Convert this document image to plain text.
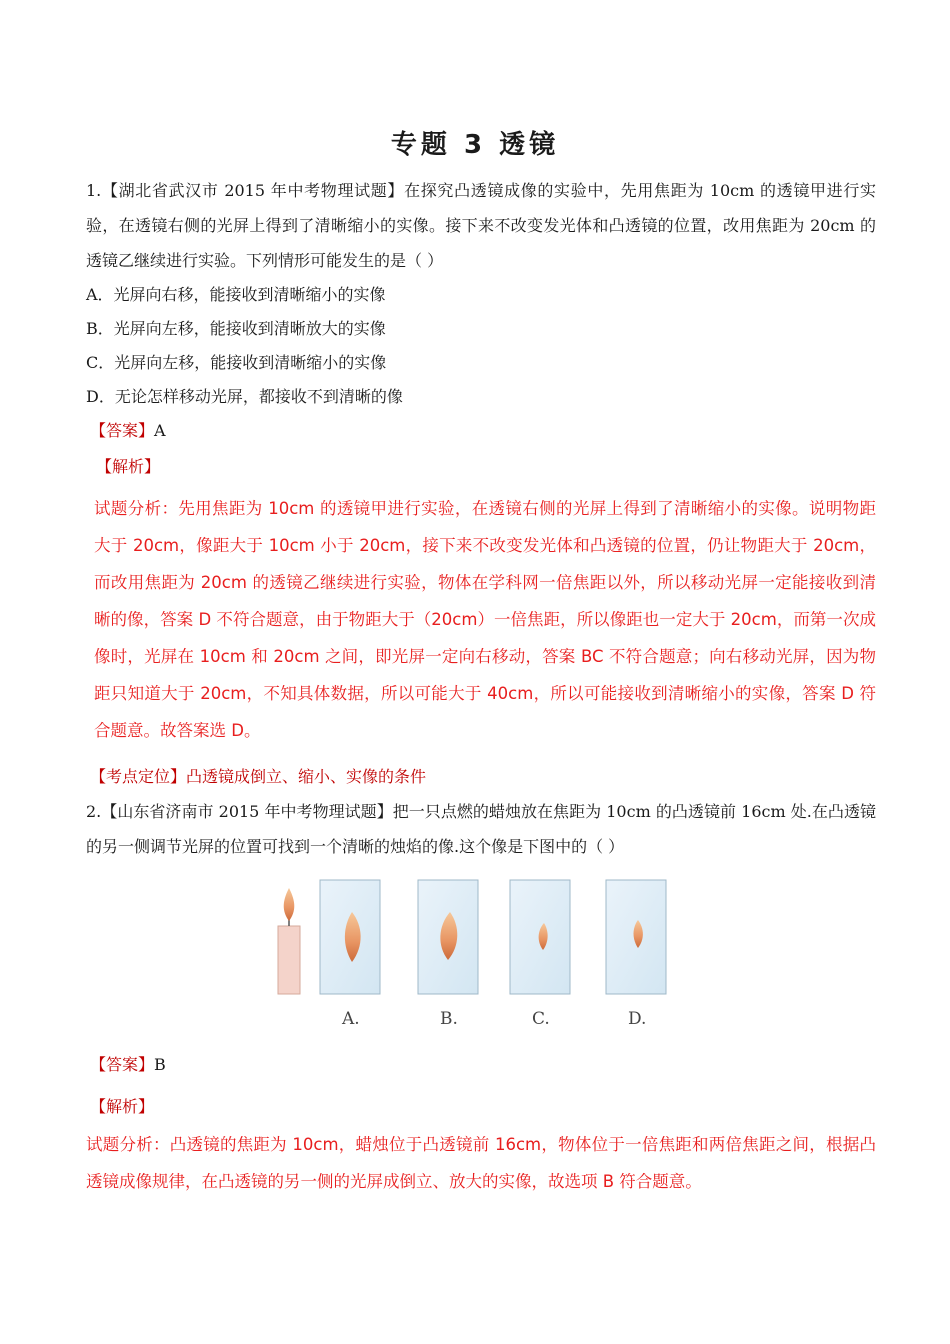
专题 3 透镜
1.【湖北省武汉市 2015 年中考物理试题】在探究凸透镜成像的实验中，先用焦距为 10cm 的透镜甲进行实验，在透镜右侧的光屏上得到了清晰缩小的实像。接下来不改变发光体和凸透镜的位置，改用焦距为 20cm 的透镜乙继续进行实验。下列情形可能发生的是（ ）
A．光屏向右移，能接收到清晰缩小的实像
B．光屏向左移，能接收到清晰放大的实像
C．光屏向左移，能接收到清晰缩小的实像
D．无论怎样移动光屏，都接收不到清晰的像
【答案】A
【解析】
试题分析：先用焦距为 10cm 的透镜甲进行实验，在透镜右侧的光屏上得到了清晰缩小的实像。说明物距大于 20cm，像距大于 10cm 小于 20cm，接下来不改变发光体和凸透镜的位置，仍让物距大于 20cm，而改用焦距为 20cm 的透镜乙继续进行实验，物体在学科网一倍焦距以外，所以移动光屏一定能接收到清晰的像，答案 D 不符合题意，由于物距大于（20cm）一倍焦距，所以像距也一定大于 20cm，而第一次成像时，光屏在 10cm 和 20cm 之间，即光屏一定向右移动，答案 BC 不符合题意；向右移动光屏，因为物距只知道大于 20cm，不知具体数据，所以可能大于 40cm，所以可能接收到清晰缩小的实像，答案 D 符合题意。故答案选 D。
【考点定位】凸透镜成倒立、缩小、实像的条件
2.【山东省济南市 2015 年中考物理试题】把一只点燃的蜡烛放在焦距为 10cm 的凸透镜前 16cm 处.在凸透镜的另一侧调节光屏的位置可找到一个清晰的烛焰的像.这个像是下图中的（ ）
A.	B.	C.	D.
【答案】B
【解析】
试题分析：凸透镜的焦距为 10cm，蜡烛位于凸透镜前 16cm，物体位于一倍焦距和两倍焦距之间，根据凸透镜成像规律，在凸透镜的另一侧的光屏成倒立、放大的实像，故选项 B 符合题意。
